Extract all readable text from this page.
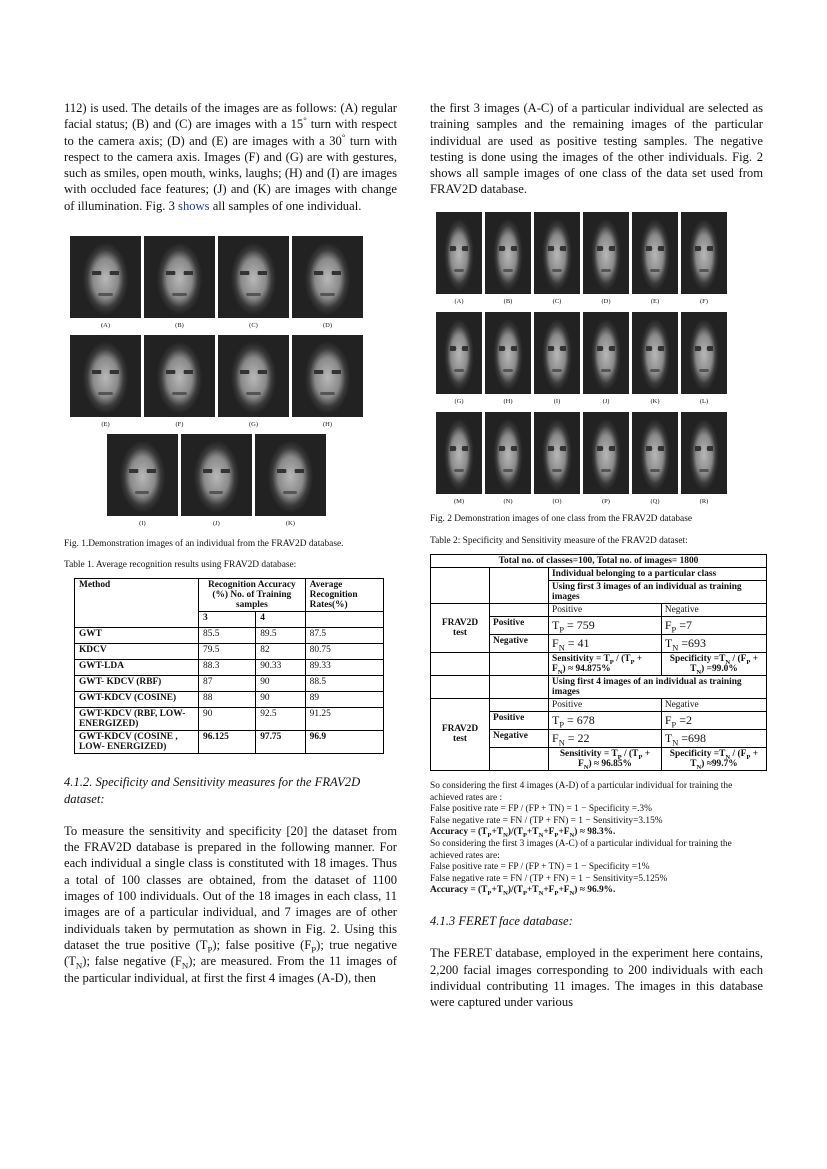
112) is used. The details of the images are as follows: (A) regular facial status; (B) and (C) are images with a 15° turn with respect to the camera axis; (D) and (E) are images with a 30° turn with respect to the camera axis. Images (F) and (G) are with gestures, such as smiles, open mouth, winks, laughs; (H) and (I) are images with occluded face features; (J) and (K) are images with change of illumination. Fig. 3 shows all samples of one individual.

(A)	(B)	(C)	(D)
(E)	(F)	(G)	(H)
(I)	(J)	(K)

Fig. 1.Demonstration images of an individual from the FRAV2D database.

Table 1. Average recognition results using FRAV2D database:

Method	Recognition Accuracy (%) No. of Training samples		Average Recognition Rates(%)
	3	4	
GWT	85.5	89.5	87.5
KDCV	79.5	82	80.75
GWT-LDA	88.3	90.33	89.33
GWT- KDCV (RBF)	87	90	88.5
GWT-KDCV (COSINE)	88	90	89
GWT-KDCV (RBF, LOW- ENERGIZED)	90	92.5	91.25
GWT-KDCV (COSINE , LOW- ENERGIZED)	96.125	97.75	96.9

4.1.2. Specificity and Sensitivity measures for the FRAV2D dataset:

To measure the sensitivity and specificity [20] the dataset from the FRAV2D database is prepared in the following manner. For each individual a single class is constituted with 18 images. Thus a total of 100 classes are obtained, from the dataset of 1100 images of 100 individuals. Out of the 18 images in each class, 11 images are of a particular individual, and 7 images are of other individuals taken by permutation as shown in Fig. 2. Using this dataset the true positive $(T_P)$; false positive $(F_P)$; true negative $(T_N)$; false negative $(F_N)$; are measured. From the 11 images of the particular individual, at first the first 4 images (A-D), then

the first 3 images (A-C) of a particular individual are selected as training samples and the remaining images of the particular individual are used as positive testing samples. The negative testing is done using the images of the other individuals. Fig. 2 shows all sample images of one class of the data set used from FRAV2D database.

(A)	(B)	(C)	(D)	(E)	(F)
(G)	(H)	(I)	(J)	(K)	(L)
(M)	(N)	(O)	(P)	(Q)	(R)

Fig. 2 Demonstration images of one class from the FRAV2D database

Table 2: Specificity and Sensitivity measure of the FRAV2D dataset:

Total no. of classes=100, Total no. of images= 1800			
		Individual belonging to a particular class	
		Using first 3 images of an individual as training images	
FRAV2D test		Positive	Negative
	Positive	$T_P = 759$	$F_P =7$
	Negative	$F_N = 41$	$T_N =693$
		Sensitivity = $T_P / (T_P + F_N) \approx 94.875\%$	Specificity $=T_N / (F_P + T_N) =99.0\%$
		Using first 4 images of an individual as training images	
FRAV2D test		Positive	Negative
	Positive	$T_P = 678$	$F_P =2$
	Negative	$F_N = 22$	$T_N =698$
		Sensitivity = $T_P / (T_P + F_N) \approx 96.85\%$	Specificity $=T_N / (F_P + T_N) \approx 99.7\%$

So considering the first 4 images (A-D) of a particular individual for training the achieved rates are :

False positive rate = FP / (FP + TN) = 1 − Specificity =.3%

False negative rate = FN / (TP + FN) = 1 − Sensitivity=3.15%

Accuracy = $(T_P+T_N)/(T_P+T_N+F_P+F_N) \approx 98.3\%$.

So considering the first 3 images (A-C) of a particular individual for training the achieved rates are:

False positive rate = FP / (FP + TN) = 1 − Specificity =1%

False negative rate = FN / (TP + FN) = 1 − Sensitivity=5.125%

Accuracy = $(T_P+T_N)/(T_P+T_N+F_P+F_N) \approx 96.9\%$.

4.1.3 FERET face database:

The FERET database, employed in the experiment here contains, 2,200 facial images corresponding to 200 individuals with each individual contributing 11 images. The images in this database were captured under various
